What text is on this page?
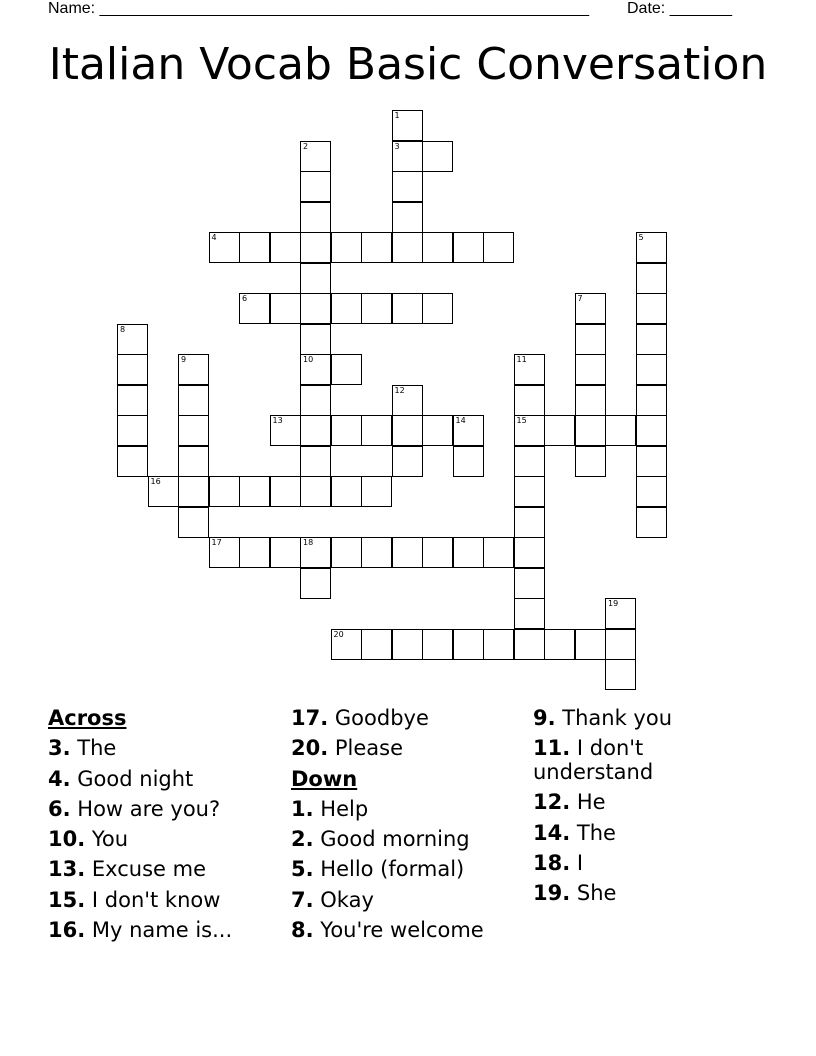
Name: _______________________________________________________ Date: _______
Italian Vocab Basic Conversation
1
3
2
10
4	5
6	7
8
9	11
15
12
13	14
16
17	18
19
20
Across
3. The
4. Good night
6. How are you?
10. You
13. Excuse me
15. I don't know
16. My name is...
17. Goodbye
20. Please
Down
1. Help
2. Good morning
5. Hello (formal)
7. Okay
8. You're welcome
9. Thank you
11. I don't understand
12. He
14. The
18. I
19. She
